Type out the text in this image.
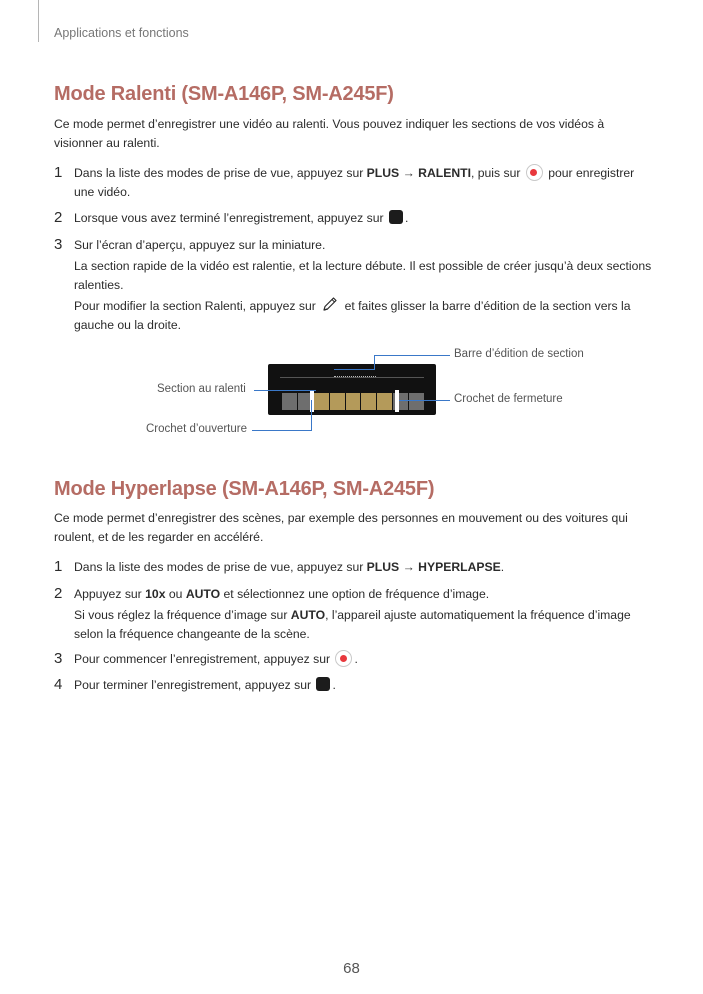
Applications et fonctions
Mode Ralenti (SM-A146P, SM-A245F)

Ce mode permet d’enregistrer une vidéo au ralenti. Vous pouvez indiquer les sections de vos vidéos à visionner au ralenti.

1 Dans la liste des modes de prise de vue, appuyez sur PLUS → RALENTI, puis sur  pour enregistrer une vidéo.
2 Lorsque vous avez terminé l’enregistrement, appuyez sur .
3 Sur l’écran d’aperçu, appuyez sur la miniature.
La section rapide de la vidéo est ralentie, et la lecture débute. Il est possible de créer jusqu’à deux sections ralenties.
Pour modifier la section Ralenti, appuyez sur  et faites glisser la barre d’édition de la section vers la gauche ou la droite.
Barre d’édition de section
Section au ralenti
Crochet de fermeture
Crochet d’ouverture
Mode Hyperlapse (SM-A146P, SM-A245F)

Ce mode permet d’enregistrer des scènes, par exemple des personnes en mouvement ou des voitures qui roulent, et de les regarder en accéléré.

1 Dans la liste des modes de prise de vue, appuyez sur PLUS → HYPERLAPSE.
2 Appuyez sur 10x ou AUTO et sélectionnez une option de fréquence d’image.
Si vous réglez la fréquence d’image sur AUTO, l’appareil ajuste automatiquement la fréquence d’image selon la fréquence changeante de la scène.
3 Pour commencer l’enregistrement, appuyez sur .
4 Pour terminer l’enregistrement, appuyez sur .
68
